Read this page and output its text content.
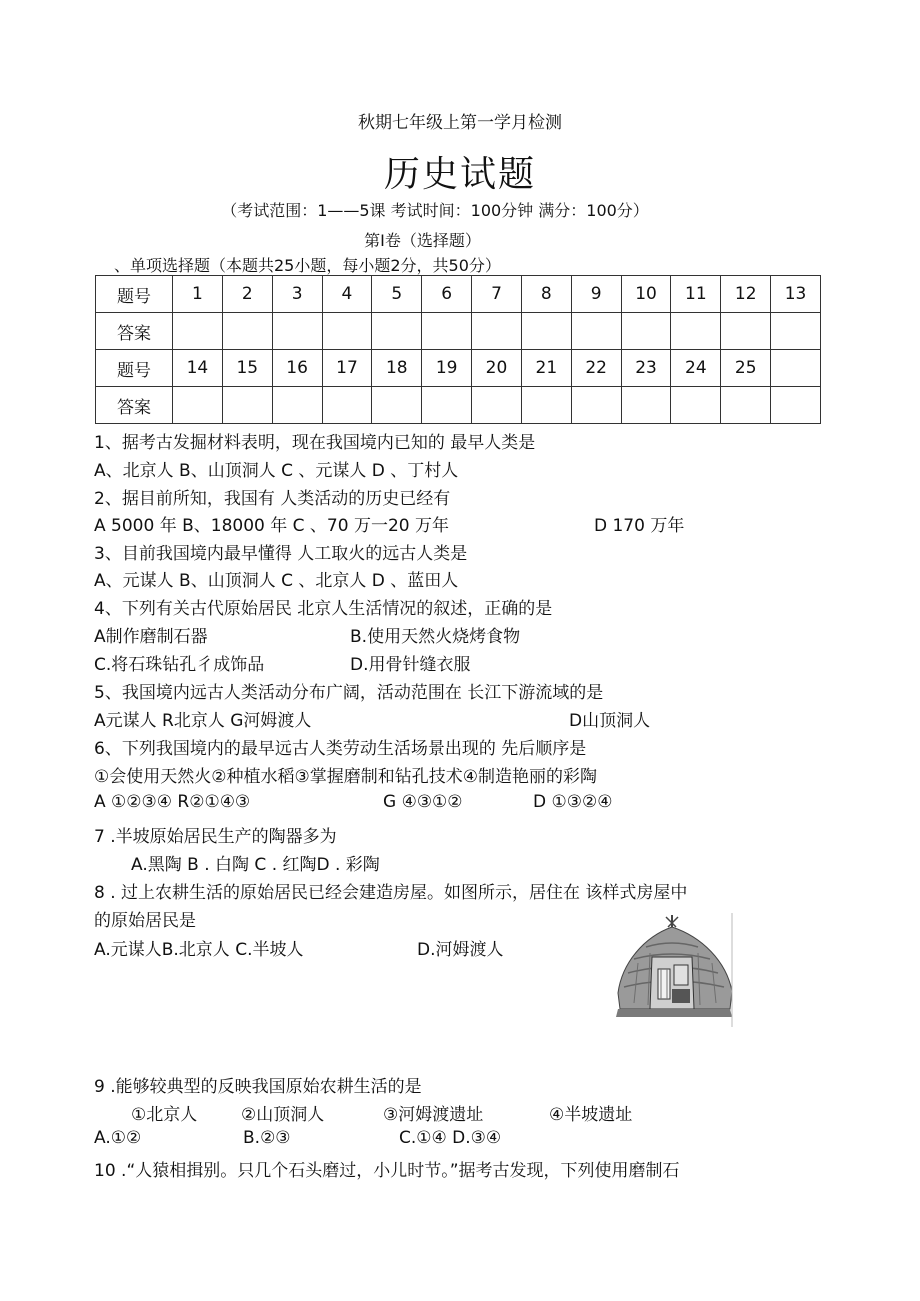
秋期七年级上第一学月检测
历史试题
（考试范围：1——5课 考试时间：100分钟 满分：100分）
第Ⅰ卷（选择题）
、单项选择题（本题共25小题，每小题2分，共50分）
题号	1	2	3	4	5	6	7	8	9	10	11	12	13
答案													
题号	14	15	16	17	18	19	20	21	22	23	24	25	
答案													
1、据考古发掘材料表明，现在我国境内已知的 最早人类是
A、北京人 B、山顶洞人 C 、元谋人 D 、丁村人
2、据目前所知，我国有 人类活动的历史已经有
A 5000 年 B、18000 年 C 、70 万一20 万年	D 170 万年
3、目前我国境内最早懂得 人工取火的远古人类是
A、元谋人 B、山顶洞人 C 、北京人 D 、蓝田人
4、下列有关古代原始居民 北京人生活情况的叙述，正确的是
A制作磨制石器	B.使用天然火烧烤食物
C.将石珠钻孔彳成饰品	D.用骨针缝衣服
5、我国境内远古人类活动分布广阔，活动范围在 长江下游流域的是
A元谋人 R北京人 G河姆渡人	D山顶洞人
6、下列我国境内的最早远古人类劳动生活场景出现的 先后顺序是
①会使用天然火②种植水稻③掌握磨制和钻孔技术④制造艳丽的彩陶
A ①②③④ R②①④③	G ④③①②	D ①③②④
7 .半坡原始居民生产的陶器多为
A.黑陶 B . 白陶 C . 红陶D . 彩陶
8 . 过上农耕生活的原始居民已经会建造房屋。如图所示，居住在 该样式房屋中
的原始居民是
A.元谋人B.北京人 C.半坡人	D.河姆渡人
9 .能够较典型的反映我国原始农耕生活的是
①北京人	②山顶洞人	③河姆渡遗址	④半坡遗址
A.①②	B.②③	C.①④ D.③④
10 .“人猿相揖别。只几个石头磨过，小儿时节。”据考古发现，下列使用磨制石
